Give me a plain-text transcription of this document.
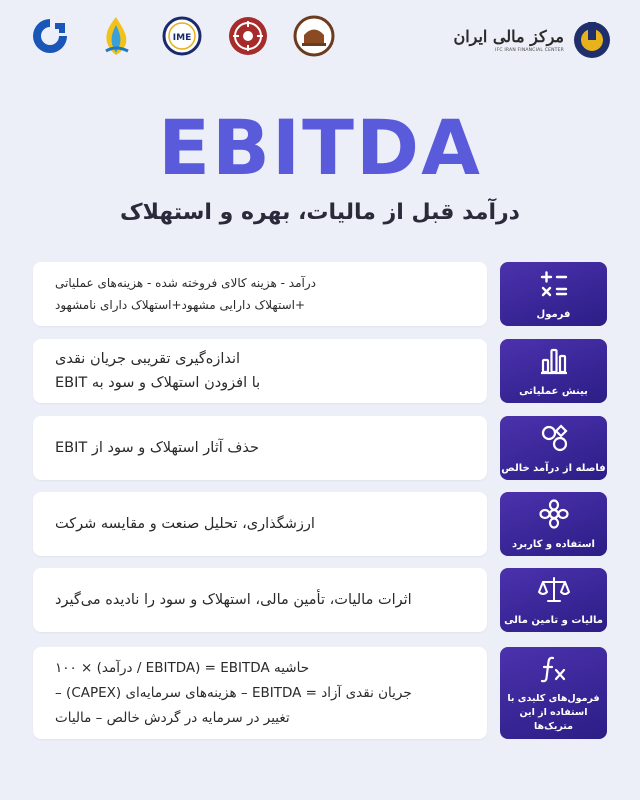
IME	مرکز مالی ایران
IFC IRAN FINANCIAL CENTER
EBITDA
درآمد قبل از مالیات، بهره و استهلاک
درآمد - هزینه کالای فروخته شده - هزینه‌های عملیاتی
+استهلاک دارایی مشهود+استهلاک دارای نامشهود
فرمول
اندازه‌گیری تقریبی جریان نقدی
با افزودن استهلاک و سود به EBIT	بینش عملیاتی
حذف آثار استهلاک و سود از EBIT
فاصله از درآمد خالص
ارزشگذاری، تحلیل صنعت و مقایسه شرکت
استفاده و کاربرد
اثرات مالیات، تأمین مالی، استهلاک و سود را نادیده می‌گیرد
مالیات و تامین مالی
حاشیه EBITDA = (EBITDA / درآمد) × ۱۰۰
جریان نقدی آزاد = EBITDA – هزینه‌های سرمایه‌ای (CAPEX) –
تغییر در سرمایه در گردش خالص – مالیات
فرمول‌های کلیدی با استفاده از این متریک‌ها
